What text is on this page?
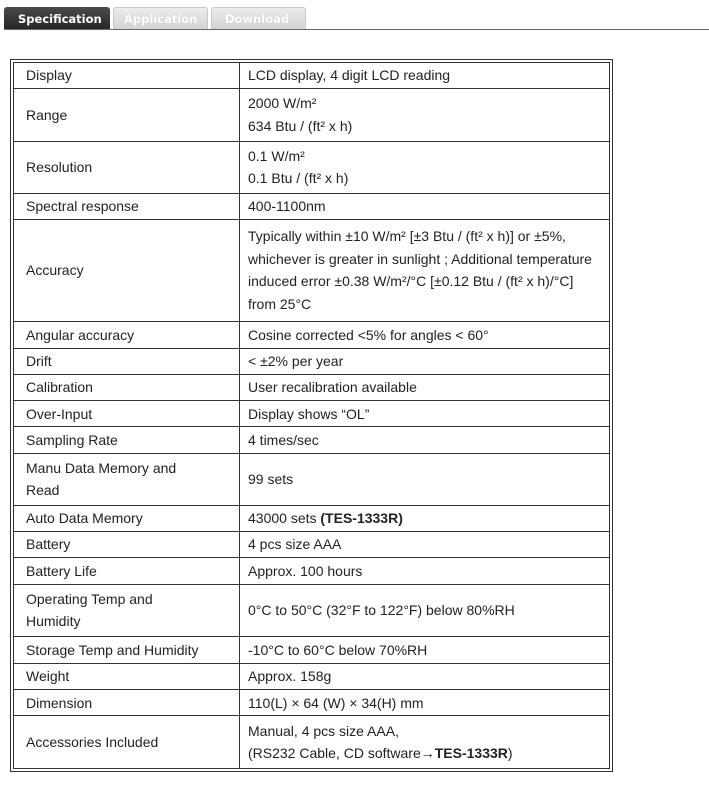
Specification	Application	Download
Display	LCD display, 4 digit LCD reading

Range	2000 W/m²
634 Btu / (ft² x h)

Resolution	0.1 W/m²
0.1 Btu / (ft² x h)

Spectral response	400-1100nm

Accuracy	Typically within ±10 W/m² [±3 Btu / (ft² x h)] or ±5%,
whichever is greater in sunlight ; Additional temperature
induced error ±0.38 W/m²/°C [±0.12 Btu / (ft² x h)/°C]
from 25°C

Angular accuracy	Cosine corrected <5% for angles < 60°

Drift	< ±2% per year

Calibration	User recalibration available

Over-Input	Display shows “OL”

Sampling Rate	4 times/sec

Manu Data Memory and
Read	99 sets

Auto Data Memory	43000 sets (TES-1333R)
Battery	4 pcs size AAA

Battery Life	Approx. 100 hours

Operating Temp and
Humidity	0°C to 50°C (32°F to 122°F) below 80%RH

Storage Temp and Humidity	-10°C to 60°C below 70%RH

Weight	Approx. 158g

Dimension	110(L) × 64 (W) × 34(H) mm

Accessories Included	Manual, 4 pcs size AAA,
(RS232 Cable, CD software→TES-1333R)
